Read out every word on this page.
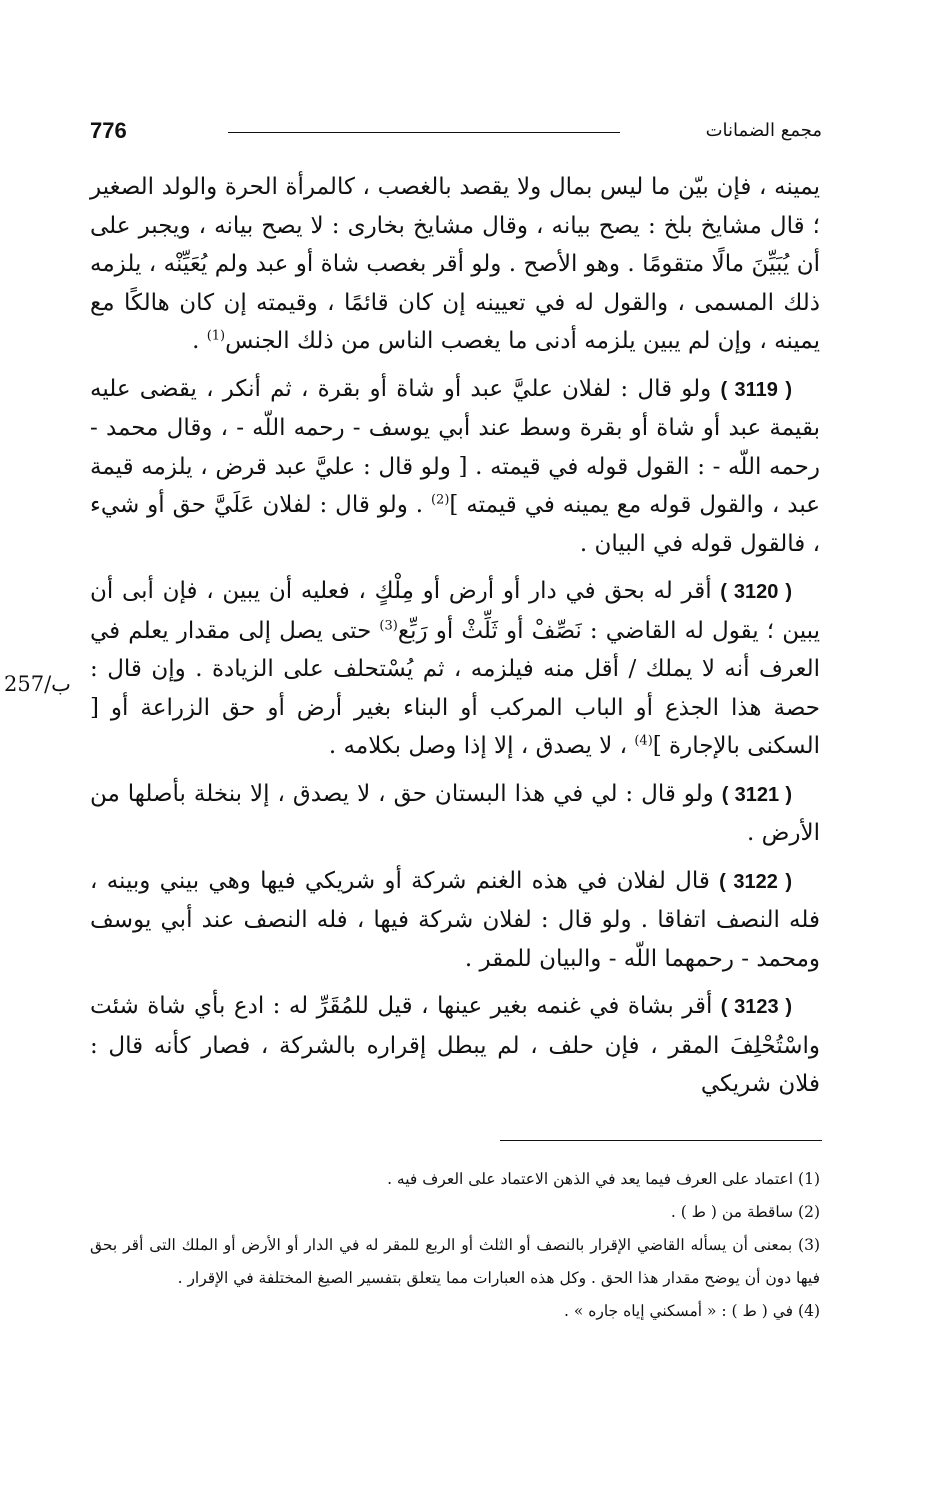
776	مجمع الضمانات

يمينه ، فإن بيّن ما ليس بمال ولا يقصد بالغصب ، كالمرأة الحرة والولد الصغير ؛ قال مشايخ بلخ : يصح بيانه ، وقال مشايخ بخارى : لا يصح بيانه ، ويجبر على أن يُبَيِّنَ مالًا متقومًا . وهو الأصح . ولو أقر بغصب شاة أو عبد ولم يُعَيِّنْه ، يلزمه ذلك المسمى ، والقول له في تعيينه إن كان قائمًا ، وقيمته إن كان هالكًا مع يمينه ، وإن لم يبين يلزمه أدنى ما يغصب الناس من ذلك الجنس$^{(1)}$ .

( 3119 ) ولو قال : لفلان عليَّ عبد أو شاة أو بقرة ، ثم أنكر ، يقضى عليه بقيمة عبد أو شاة أو بقرة وسط عند أبي يوسف - رحمه اللّه - ، وقال محمد - رحمه اللّه - : القول قوله في قيمته . [ ولو قال : عليَّ عبد قرض ، يلزمه قيمة عبد ، والقول قوله مع يمينه في قيمته ]$^{(2)}$ . ولو قال : لفلان عَلَيَّ حق أو شيء ، فالقول قوله في البيان .

( 3120 ) أقر له بحق في دار أو أرض أو مِلْكٍ ، فعليه أن يبين ، فإن أبى أن يبين ؛ يقول له القاضي : نَصِّفْ أو ثَلِّثْ أو رَبِّع$^{(3)}$ حتى يصل إلى مقدار يعلم في العرف أنه لا يملك / أقل منه فيلزمه ، ثم يُسْتحلف على الزيادة . وإن قال : حصة هذا الجذع أو الباب المركب أو البناء بغير أرض أو حق الزراعة أو [ السكنى بالإجارة ]$^{(4)}$ ، لا يصدق ، إلا إذا وصل بكلامه .

( 3121 ) ولو قال : لي في هذا البستان حق ، لا يصدق ، إلا بنخلة بأصلها من الأرض .

( 3122 ) قال لفلان في هذه الغنم شركة أو شريكي فيها وهي بيني وبينه ، فله النصف اتفاقا . ولو قال : لفلان شركة فيها ، فله النصف عند أبي يوسف ومحمد - رحمهما اللّه - والبيان للمقر .

( 3123 ) أقر بشاة في غنمه بغير عينها ، قيل للمُقَرِّ له : ادع بأي شاة شئت واسْتُحْلِفَ المقر ، فإن حلف ، لم يبطل إقراره بالشركة ، فصار كأنه قال : فلان شريكي

257/ب

(1) اعتماد على العرف فيما يعد في الذهن الاعتماد على العرف فيه .

(2) ساقطة من ( ط ) .

(3) بمعنى أن يسأله القاضي الإقرار بالنصف أو الثلث أو الربع للمقر له في الدار أو الأرض أو الملك التى أقر بحق فيها دون أن يوضح مقدار هذا الحق . وكل هذه العبارات مما يتعلق بتفسير الصيغ المختلفة في الإقرار .

(4) في ( ط ) : « أمسكني إياه جاره » .
